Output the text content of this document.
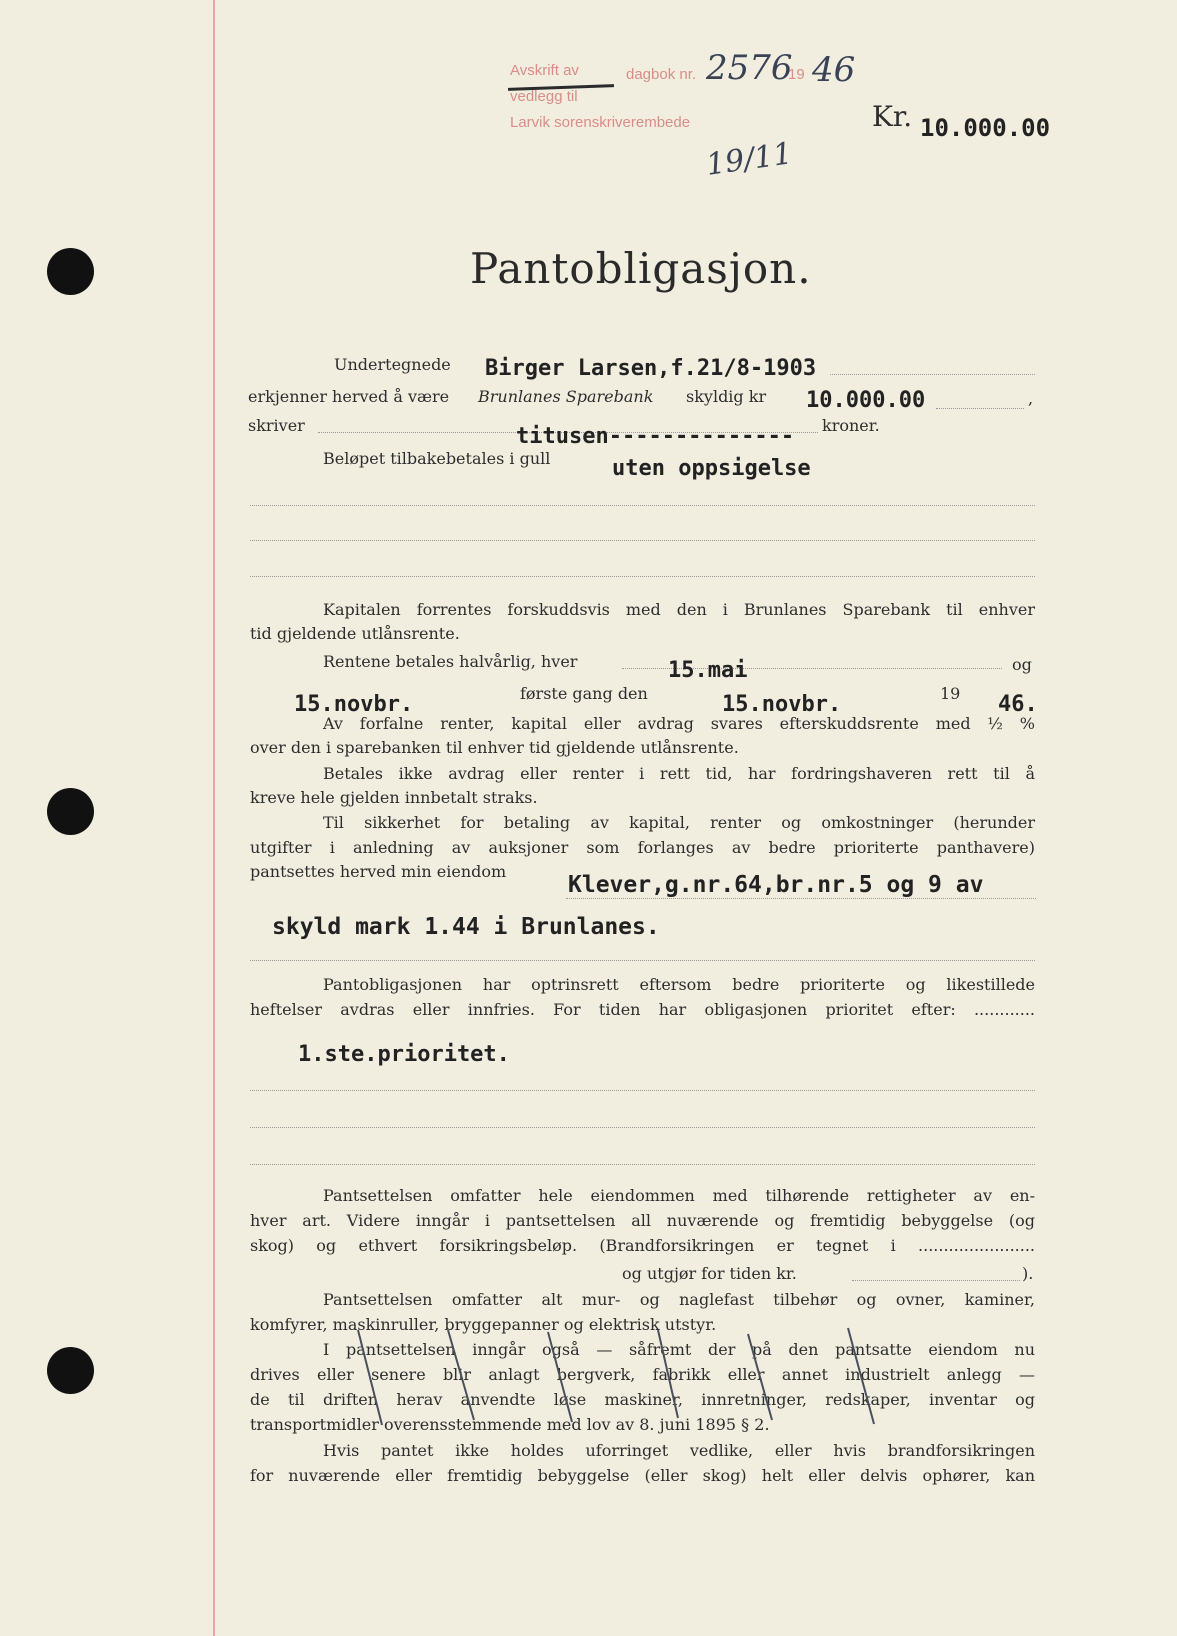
Avskrift av	dagbok nr.
vedlegg til
Larvik sorenskriverembede
2576
19 46
19/11
Kr. 10.000.00
Pantobligasjon.
Undertegnede Birger Larsen,f.21/8-1903
erkjenner herved å være Brunlanes Sparebank skyldig kr 10.000.00	,
skriver	titusen-------------- kroner.
Beløpet tilbakebetales i gull	uten oppsigelse
Kapitalen forrentes forskuddsvis med den i Brunlanes Sparebank til enhver
tid gjeldende utlånsrente.
Rentene betales halvårlig, hver	15.mai	og
15.novbr.	første gang den	15.novbr.	19 46.
Av forfalne renter, kapital eller avdrag svares efterskuddsrente med ½ %
over den i sparebanken til enhver tid gjeldende utlånsrente.
Betales ikke avdrag eller renter i rett tid, har fordringshaveren rett til å
kreve hele gjelden innbetalt straks.
Til sikkerhet for betaling av kapital, renter og omkostninger (herunder
utgifter i anledning av auksjoner som forlanges av bedre prioriterte panthavere)
pantsettes herved min eiendom
Klever,g.nr.64,br.nr.5 og 9 av
skyld mark 1.44 i Brunlanes.
Pantobligasjonen har optrinsrett eftersom bedre prioriterte og likestillede
heftelser avdras eller innfries. For tiden har obligasjonen prioritet efter: ............
1.ste.prioritet.
Pantsettelsen omfatter hele eiendommen med tilhørende rettigheter av en-
hver art. Videre inngår i pantsettelsen all nuværende og fremtidig bebyggelse (og
skog) og ethvert forsikringsbeløp. (Brandforsikringen er tegnet i .......................
og utgjør for tiden kr.	).
Pantsettelsen omfatter alt mur- og naglefast tilbehør og ovner, kaminer,
komfyrer, maskinruller, bryggepanner og elektrisk utstyr.
I pantsettelsen inngår også — såfremt der på den pantsatte eiendom nu
drives eller senere blir anlagt bergverk, fabrikk eller annet industrielt anlegg —
de til driften herav anvendte løse maskiner, innretninger, redskaper, inventar og
transportmidler overensstemmende med lov av 8. juni 1895 § 2.
Hvis pantet ikke holdes uforringet vedlike, eller hvis brandforsikringen
for nuværende eller fremtidig bebyggelse (eller skog) helt eller delvis ophører, kan
